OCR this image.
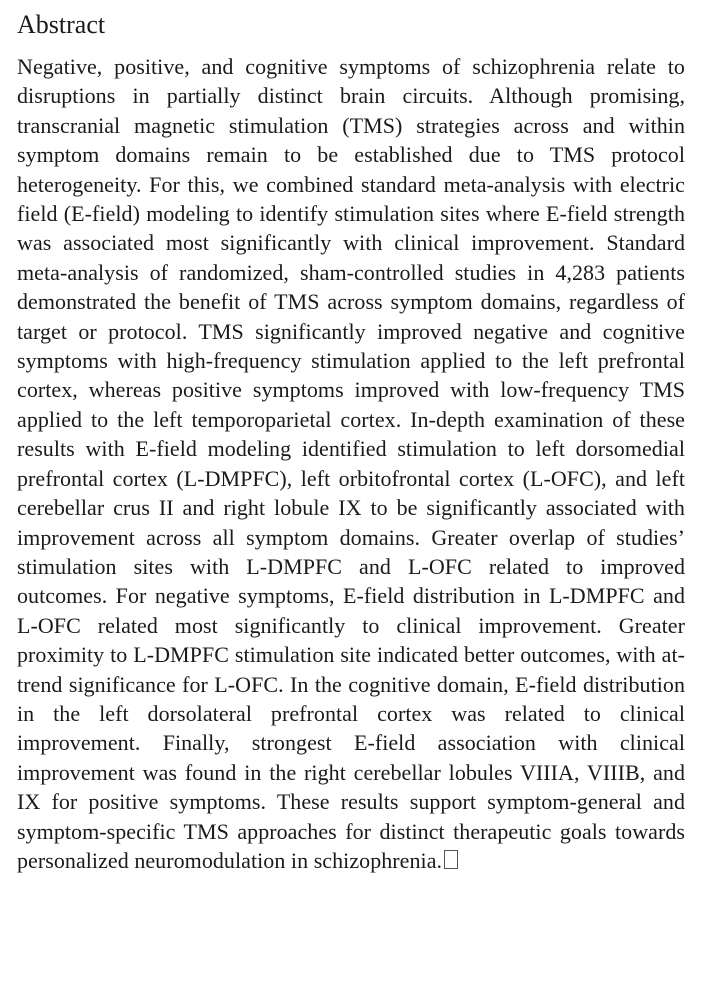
Abstract

Negative, positive, and cognitive symptoms of schizophrenia relate to disruptions in partially distinct brain circuits. Although promising, transcranial magnetic stimulation (TMS) strategies across and within symptom domains remain to be established due to TMS protocol heterogeneity. For this, we combined standard meta-analysis with electric field (E-field) modeling to identify stimulation sites where E-field strength was associated most significantly with clinical improvement. Standard meta-analysis of randomized, sham-controlled studies in 4,283 patients demonstrated the benefit of TMS across symptom domains, regardless of target or protocol. TMS significantly improved negative and cognitive symptoms with high-frequency stimulation applied to the left prefrontal cortex, whereas positive symptoms improved with low-frequency TMS applied to the left temporoparietal cortex. In-depth examination of these results with E-field modeling identified stimulation to left dorsomedial prefrontal cortex (L-DMPFC), left orbitofrontal cortex (L-OFC), and left cerebellar crus II and right lobule IX to be significantly associated with improvement across all symptom domains. Greater overlap of studies’ stimulation sites with L-DMPFC and L-OFC related to improved outcomes. For negative symptoms, E-field distribution in L-DMPFC and L-OFC related most significantly to clinical improvement. Greater proximity to L-DMPFC stimulation site indicated better outcomes, with at-trend significance for L-OFC. In the cognitive domain, E-field distribution in the left dorsolateral prefrontal cortex was related to clinical improvement. Finally, strongest E-field association with clinical improvement was found in the right cerebellar lobules VIIIA, VIIIB, and IX for positive symptoms. These results support symptom-general and symptom-specific TMS approaches for distinct therapeutic goals towards personalized neuromodulation in schizophrenia.
